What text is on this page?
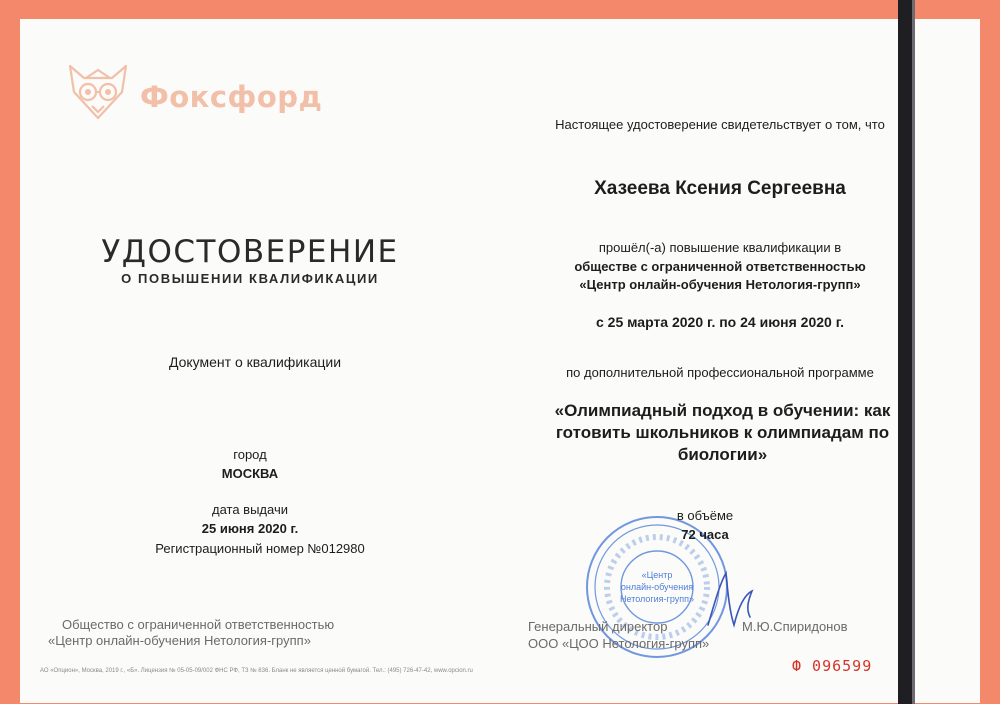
Фоксфорд
УДОСТОВЕРЕНИЕ
О ПОВЫШЕНИИ КВАЛИФИКАЦИИ
Документ о квалификации
город
МОСКВА
дата выдачи
25 июня 2020 г.
Регистрационный номер №012980
Общество с ограниченной ответственностью
«Центр онлайн-обучения Нетология-групп»
АО «Опцион», Москва, 2019 г., «Б». Лицензия № 05-05-09/002 ФНС РФ, ТЗ № 836. Бланк не является ценной бумагой. Тел.: (495) 726-47-42, www.opcion.ru
Настоящее удостоверение свидетельствует о том, что
Хазеева Ксения Сергеевна
прошёл(-а) повышение квалификации в
обществе с ограниченной ответственностью
«Центр онлайн-обучения Нетология-групп»
с 25 марта 2020 г. по 24 июня 2020 г.
по дополнительной профессиональной программе
«Олимпиадный подход в обучении: как готовить школьников к олимпиадам по биологии»
«Центр
онлайн-обучения
Нетология-групп»
в объёме
72 часа
Генеральный директор
ООО «ЦОО Нетология-групп»
М.Ю.Спиридонов
Ф 096599
